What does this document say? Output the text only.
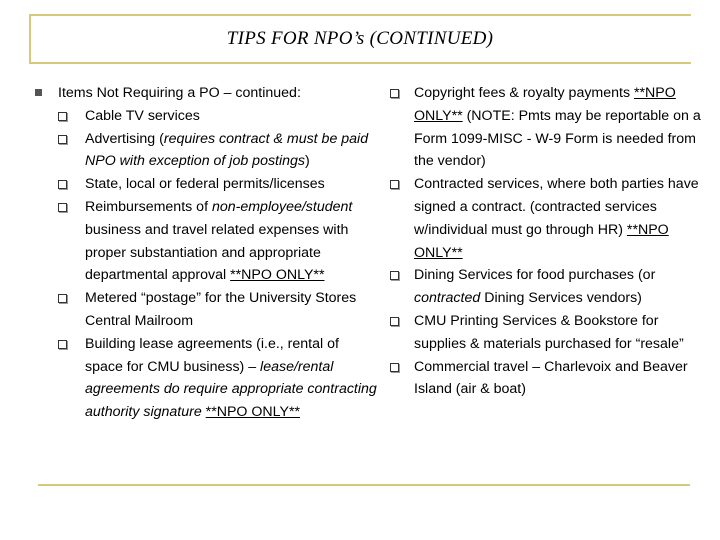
TIPS FOR NPO’s (CONTINUED)
Items Not Requiring a PO – continued:
Cable TV services
Advertising (requires contract & must be paid NPO with exception of job postings)
State, local or federal permits/licenses
Reimbursements of non-employee/student business and travel related expenses with proper substantiation and appropriate departmental approval **NPO ONLY**
Metered “postage” for the University Stores Central Mailroom
Building lease agreements (i.e., rental of space for CMU business) – lease/rental agreements do require appropriate contracting authority signature **NPO ONLY**
Copyright fees & royalty payments **NPO ONLY** (NOTE: Pmts may be reportable on a Form 1099-MISC - W-9 Form is needed from the vendor)
Contracted services, where both parties have signed a contract. (contracted services w/individual must go through HR) **NPO ONLY**
Dining Services for food purchases (or contracted Dining Services vendors)
CMU Printing Services & Bookstore for supplies & materials purchased for “resale”
Commercial travel – Charlevoix and Beaver Island (air & boat)
